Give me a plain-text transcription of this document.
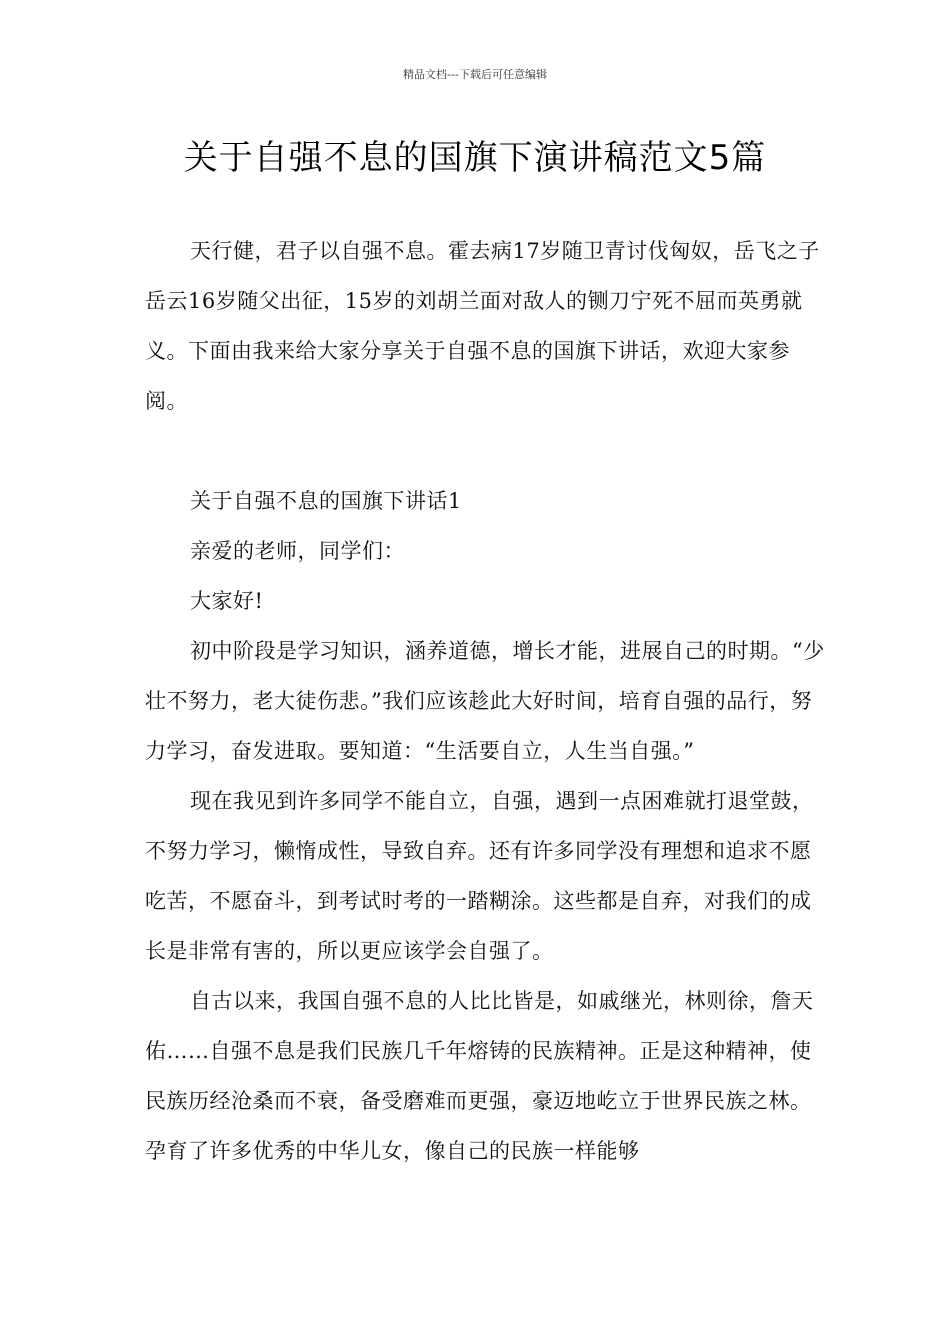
精品文档---下载后可任意编辑
关于自强不息的国旗下演讲稿范文5篇

天行健，君子以自强不息。霍去病17岁随卫青讨伐匈奴，岳飞之子岳云16岁随父出征，15岁的刘胡兰面对敌人的铡刀宁死不屈而英勇就义。下面由我来给大家分享关于自强不息的国旗下讲话，欢迎大家参阅。

关于自强不息的国旗下讲话1

亲爱的老师，同学们：

大家好!

初中阶段是学习知识，涵养道德，增长才能，进展自己的时期。“少壮不努力，老大徒伤悲。”我们应该趁此大好时间，培育自强的品行，努力学习，奋发进取。要知道：“生活要自立，人生当自强。”

现在我见到许多同学不能自立，自强，遇到一点困难就打退堂鼓，不努力学习，懒惰成性，导致自弃。还有许多同学没有理想和追求不愿吃苦，不愿奋斗，到考试时考的一踏糊涂。这些都是自弃，对我们的成长是非常有害的，所以更应该学会自强了。

自古以来，我国自强不息的人比比皆是，如戚继光，林则徐，詹天佑……自强不息是我们民族几千年熔铸的民族精神。正是这种精神，使民族历经沧桑而不衰，备受磨难而更强，豪迈地屹立于世界民族之林。孕育了许多优秀的中华儿女，像自己的民族一样能够
